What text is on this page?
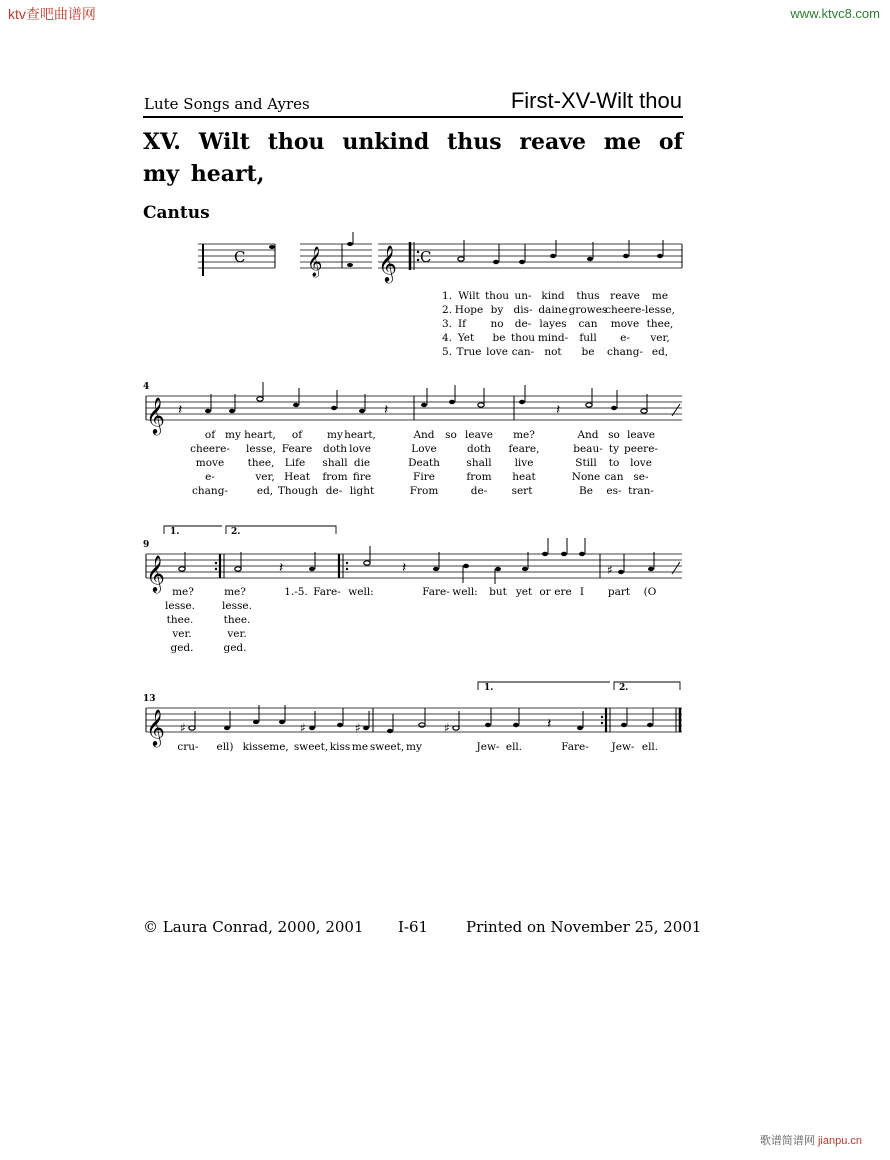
ktv查吧曲谱网	www.ktvc8.com
Lute Songs and Ayres	First-XV-Wilt thou
XV. Wilt thou unkind thus reave me of my heart,
Cantus
C 𝄞 𝄞 C
1. Wilt thou un- kind thus reave me
2. Hope by dis- daine growes
cheere- lesse,
3. If no de- layes can move thee,
4. Yet be thou mind- full e- ver,
5. True love can- not be chang- ed,
4
𝄞 𝄽	𝄽	𝄽
of my heart, of my heart,	And so leave me?	And so leave
cheere- lesse, Feare doth love	Love	doth feare,	beau- ty peere-
move thee, Life shall die	Death	shall live	Still to love
e-	ver, Heat from fire	Fire	from heat	None can se-
chang-	ed, Though de- light	From	de- sert	Be es- tran-
9
𝄞	𝄽	𝄽	♯
1.	2.
me?	me?	1.-5. Fare- well:	Fare- well: but yet or ere I part (O
lesse.	lesse.
thee.	thee.
ver.	ver.
ged.	ged.
13
𝄞 ♯	♯	♯	♯	𝄽
1.	2.
cru- ell) kisse me, sweet, kiss me sweet, my	Jew- ell.	Fare- Jew- ell.
© Laura Conrad, 2000, 2001 I-61	Printed on November 25, 2001
歌谱简谱网 jianpu.cn
